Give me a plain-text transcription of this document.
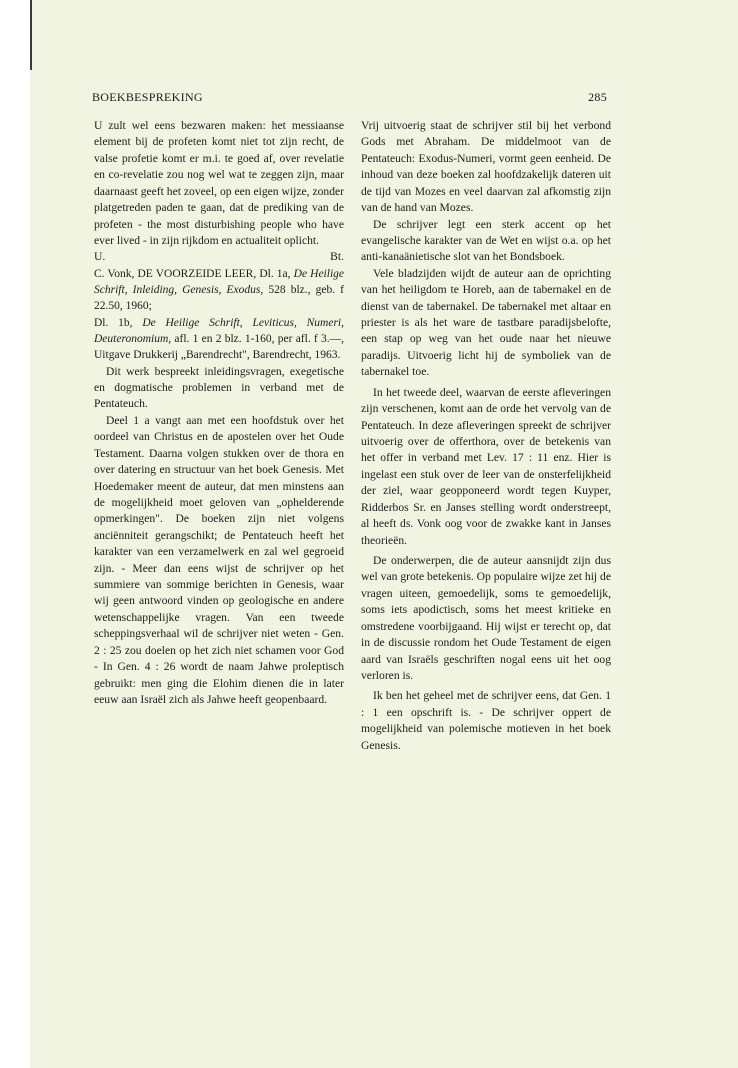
BOEKBESPREKING	285

U zult wel eens bezwaren maken: het messiaanse element bij de profeten komt niet tot zijn recht, de valse profetie komt er m.i. te goed af, over revelatie en co-revelatie zou nog wel wat te zeggen zijn, maar daarnaast geeft het zoveel, op een eigen wijze, zonder platgetreden paden te gaan, dat de prediking van de profeten - the most disturbishing people who have ever lived - in zijn rijkdom en actualiteit oplicht.

U.	Bt.

C. Vonk, DE VOORZEIDE LEER, Dl. 1a, De Heilige Schrift, Inleiding, Genesis, Exodus, 528 blz., geb. f 22.50, 1960;
Dl. 1b, De Heilige Schrift, Leviticus, Numeri, Deuteronomium, afl. 1 en 2 blz. 1-160, per afl. f 3.—, Uitgave Drukkerij „Barendrecht", Barendrecht, 1963.

Dit werk bespreekt inleidingsvragen, exegetische en dogmatische problemen in verband met de Pentateuch.

Deel 1 a vangt aan met een hoofdstuk over het oordeel van Christus en de apostelen over het Oude Testament. Daarna volgen stukken over de thora en over datering en structuur van het boek Genesis. Met Hoedemaker meent de auteur, dat men minstens aan de mogelijkheid moet geloven van „ophelderende opmerkingen". De boeken zijn niet volgens anciënniteit gerangschikt; de Pentateuch heeft het karakter van een verzamelwerk en zal wel gegroeid zijn. - Meer dan eens wijst de schrijver op het summiere van sommige berichten in Genesis, waar wij geen antwoord vinden op geologische en andere wetenschappelijke vragen. Van een tweede scheppingsverhaal wil de schrijver niet weten - Gen. 2 : 25 zou doelen op het zich niet schamen voor God - In Gen. 4 : 26 wordt de naam Jahwe proleptisch gebruikt: men ging die Elohim dienen die in later eeuw aan Israël zich als Jahwe heeft geopenbaard.

Vrij uitvoerig staat de schrijver stil bij het verbond Gods met Abraham. De middelmoot van de Pentateuch: Exodus-Numeri, vormt geen eenheid. De inhoud van deze boeken zal hoofdzakelijk dateren uit de tijd van Mozes en veel daarvan zal afkomstig zijn van de hand van Mozes.

De schrijver legt een sterk accent op het evangelische karakter van de Wet en wijst o.a. op het anti-kanaänietische slot van het Bondsboek.

Vele bladzijden wijdt de auteur aan de oprichting van het heiligdom te Horeb, aan de tabernakel en de dienst van de tabernakel. De tabernakel met altaar en priester is als het ware de tastbare paradijsbelofte, een stap op weg van het oude naar het nieuwe paradijs. Uitvoerig licht hij de symboliek van de tabernakel toe.

In het tweede deel, waarvan de eerste afleveringen zijn verschenen, komt aan de orde het vervolg van de Pentateuch. In deze afleveringen spreekt de schrijver uitvoerig over de offerthora, over de betekenis van het offer in verband met Lev. 17 : 11 enz. Hier is ingelast een stuk over de leer van de onsterfelijkheid der ziel, waar geopponeerd wordt tegen Kuyper, Ridderbos Sr. en Janses stelling wordt onderstreept, al heeft ds. Vonk oog voor de zwakke kant in Janses theorieën.

De onderwerpen, die de auteur aansnijdt zijn dus wel van grote betekenis. Op populaire wijze zet hij de vragen uiteen, gemoedelijk, soms te gemoedelijk, soms iets apodictisch, soms het meest kritieke en omstredene voorbijgaand. Hij wijst er terecht op, dat in de discussie rondom het Oude Testament de eigen aard van Israëls geschriften nogal eens uit het oog verloren is.

Ik ben het geheel met de schrijver eens, dat Gen. 1 : 1 een opschrift is. - De schrijver oppert de mogelijkheid van polemische motieven in het boek Genesis.
